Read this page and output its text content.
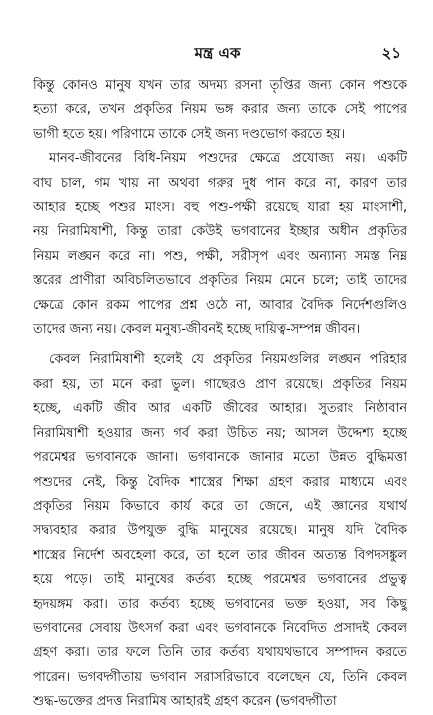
মন্ত্র এক	২১
কিন্তু কোনও মানুষ যখন তার অদম্য রসনা তৃপ্তির জন্য কোন পশুকে
হত্যা করে, তখন প্রকৃতির নিয়ম ভঙ্গ করার জন্য তাকে সেই পাপের
ভাগী হতে হয়। পরিণামে তাকে সেই জন্য দণ্ডভোগ করতে হয়।
মানব-জীবনের বিধি-নিয়ম পশুদের ক্ষেত্রে প্রযোজ্য নয়। একটি
বাঘ চাল, গম খায় না অথবা গরুর দুধ পান করে না, কারণ তার
আহার হচ্ছে পশুর মাংস। বহু পশু-পক্ষী রয়েছে যারা হয় মাংসাশী,
নয় নিরামিষাশী, কিন্তু তারা কেউই ভগবানের ইচ্ছার অধীন প্রকৃতির
নিয়ম লঙ্ঘন করে না। পশু, পক্ষী, সরীসৃপ এবং অন্যান্য সমস্ত নিম্ন
স্তরের প্রাণীরা অবিচলিতভাবে প্রকৃতির নিয়ম মেনে চলে; তাই তাদের
ক্ষেত্রে কোন রকম পাপের প্রশ্ন ওঠে না, আবার বৈদিক নির্দেশগুলিও
তাদের জন্য নয়। কেবল মনুষ্য-জীবনই হচ্ছে দায়িত্ব-সম্পন্ন জীবন।
কেবল নিরামিষাশী হলেই যে প্রকৃতির নিয়মগুলির লঙ্ঘন পরিহার
করা হয়, তা মনে করা ভুল। গাছেরও প্রাণ রয়েছে। প্রকৃতির নিয়ম
হচ্ছে, একটি জীব আর একটি জীবের আহার। সুতরাং নিষ্ঠাবান
নিরামিষাশী হওয়ার জন্য গর্ব করা উচিত নয়; আসল উদ্দেশ্য হচ্ছে
পরমেশ্বর ভগবানকে জানা। ভগবানকে জানার মতো উন্নত বুদ্ধিমত্তা
পশুদের নেই, কিন্তু বৈদিক শাস্ত্রের শিক্ষা গ্রহণ করার মাধ্যমে এবং
প্রকৃতির নিয়ম কিভাবে কার্য করে তা জেনে, এই জ্ঞানের যথার্থ
সদ্ব্যবহার করার উপযুক্ত বুদ্ধি মানুষের রয়েছে। মানুষ যদি বৈদিক
শাস্ত্রের নির্দেশ অবহেলা করে, তা হলে তার জীবন অত্যন্ত বিপদসঙ্কুল
হয়ে পড়ে। তাই মানুষের কর্তব্য হচ্ছে পরমেশ্বর ভগবানের প্রভুত্ব
হৃদয়ঙ্গম করা। তার কর্তব্য হচ্ছে ভগবানের ভক্ত হওয়া, সব কিছু
ভগবানের সেবায় উৎসর্গ করা এবং ভগবানকে নিবেদিত প্রসাদই কেবল
গ্রহণ করা। তার ফলে তিনি তার কর্তব্য যথাযথভাবে সম্পাদন করতে
পারেন। ভগবদ্গীতায় ভগবান সরাসরিভাবে বলেছেন যে, তিনি কেবল
শুদ্ধ-ভক্তের প্রদত্ত নিরামিষ আহারই গ্রহণ করেন (ভগবদ্গীতা
